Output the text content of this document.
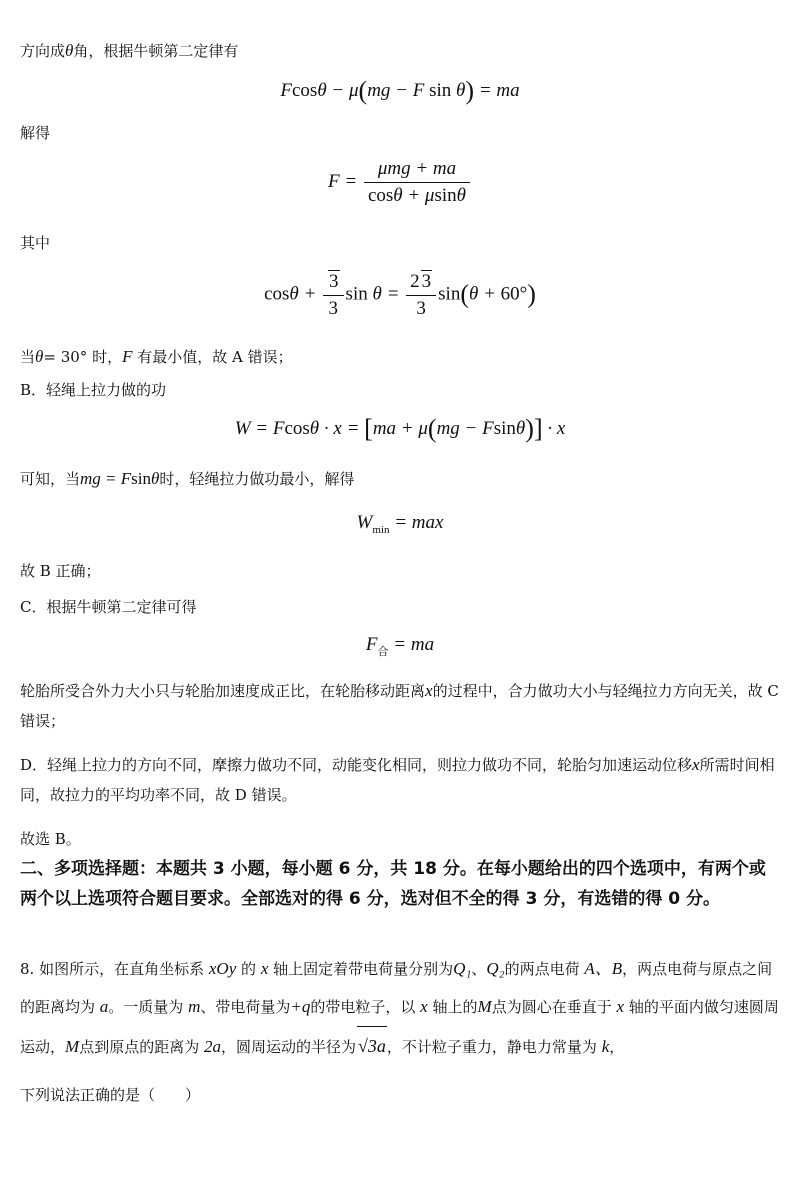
方向成θ角，根据牛顿第二定律有
Fcosθ − μ(mg − F sin θ) = ma
解得
$F = \frac{\text{μmg + ma}}{\cos\theta + \mu\sin\theta}$
其中
$\cos\theta + \frac{3}{3}$ $\sin \theta = \frac{2 3}{3} \sin(\theta + 60^\circ)$
当θ= 30° 时，F 有最小值，故 A 错误；
B．轻绳上拉力做的功
W = Fcosθ · x = [ma + μ(mg − Fsinθ)] · x
可知，当mg = Fsinθ时，轻绳拉力做功最小，解得
$W_{min} = \max$
故 B 正确；
C．根据牛顿第二定律可得
$F_合$ = ma
轮胎所受合外力大小只与轮胎加速度成正比，在轮胎移动距离x的过程中，合力做功大小与轻绳拉力方向无关，故 C 错误；
D．轻绳上拉力的方向不同，摩擦力做功不同，动能变化相同，则拉力做功不同，轮胎匀加速运动位移x所需时间相同，故拉力的平均功率不同，故 D 错误。
故选 B。
二、多项选择题：本题共 3 小题，每小题 6 分，共 18 分。在每小题给出的四个选项中，有两个或两个以上选项符合题目要求。全部选对的得 6 分，选对但不全的得 3 分，有选错的得 0 分。
8. 如图所示，在直角坐标系 xOy 的 x 轴上固定着带电荷量分别为Q₁、Q₂的两点电荷 A、B，两点电荷与原点之间的距离均为 a。一质量为 m、带电荷量为+q的带电粒子，以 x 轴上的M点为圆心在垂直于 x 轴的平面内做匀速圆周运动，M点到原点的距离为 2a，圆周运动的半径为 √3a，不计粒子重力，静电力常量为 k，
下列说法正确的是（　　）
